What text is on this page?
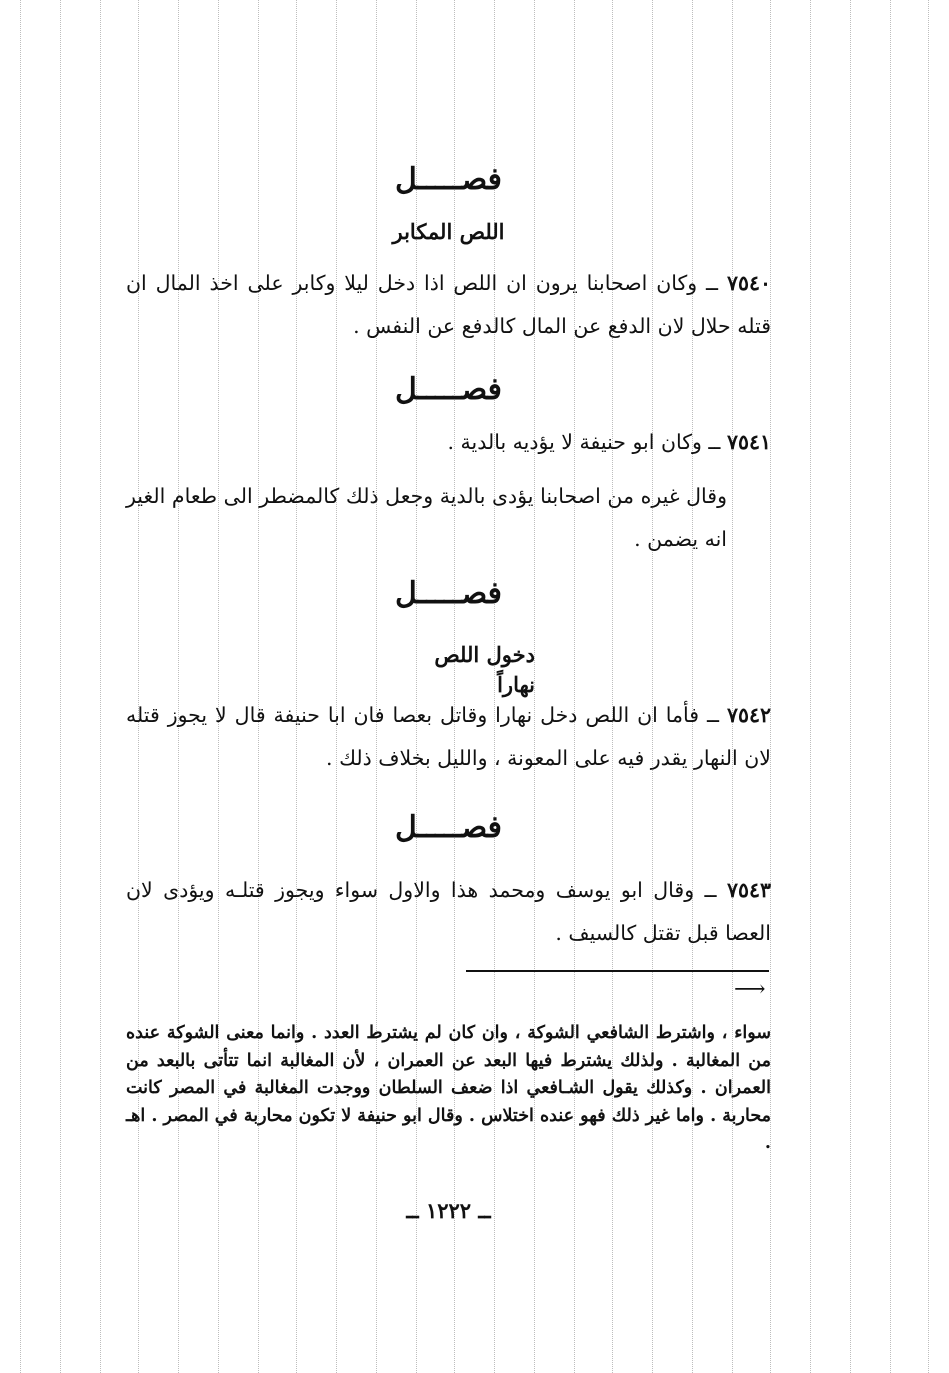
فصـــــل
اللص المكابر
٧٥٤٠ ــ وكان اصحابنا يرون ان اللص اذا دخل ليلا وكابر على اخذ المال ان قتله حلال لان الدفع عن المال كالدفع عن النفس .
فصـــــل
٧٥٤١ ــ وكان ابو حنيفة لا يؤديه بالدية .
وقال غيره من اصحابنا يؤدى بالدية وجعل ذلك كالمضطر الى طعام الغير انه يضمن .
فصـــــل
دخول اللص نهاراً
٧٥٤٢ ــ فأما ان اللص دخل نهارا وقاتل بعصا فان ابا حنيفة قال لا يجوز قتله لان النهار يقدر فيه على المعونة ، والليل بخلاف ذلك .
فصـــــل
٧٥٤٣ ــ وقال ابو يوسف ومحمد هذا والاول سواء ويجوز قتلـه ويؤدى لان العصا قبل تقتل كالسيف .
⟶
سواء ، واشترط الشافعي الشوكة ، وان كان لم يشترط العدد . وانما معنى الشوكة عنده من المغالبة . ولذلك يشترط فيها البعد عن العمران ، لأن المغالبة انما تتأتى بالبعد من العمران . وكذلك يقول الشـافعي اذا ضعف السلطان ووجدت المغالبة في المصر كانت محاربة . واما غير ذلك فهو عنده اختلاس . وقال ابو حنيفة لا تكون محاربة في المصر . اهـ .
ــ ١٢٢٢ ــ
